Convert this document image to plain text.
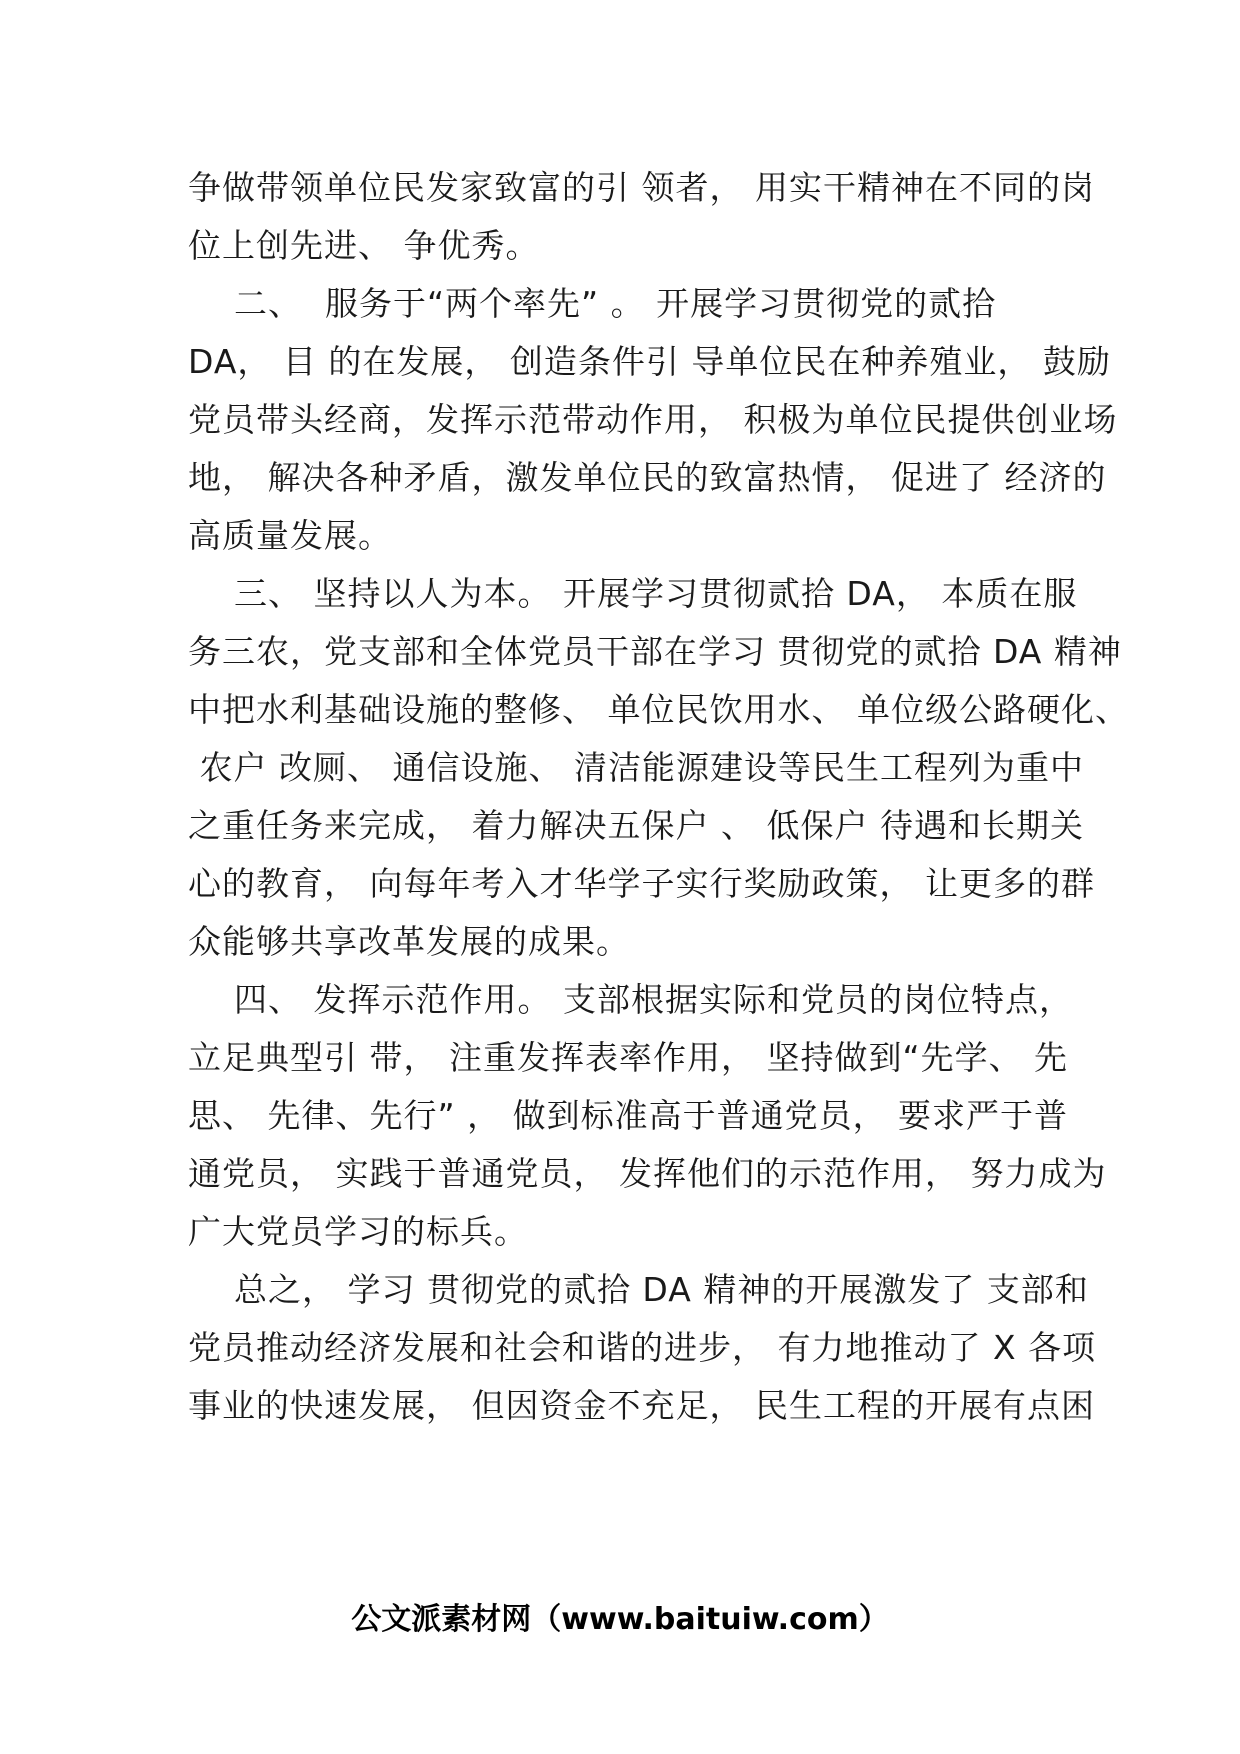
争做带领单位民发家致富的引 领者， 用实干精神在不同的岗
位上创先进、 争优秀。
二、  服务于“两个率先” 。 开展学习贯彻党的贰拾
DA， 目 的在发展， 创造条件引 导单位民在种养殖业， 鼓励
党员带头经商，发挥示范带动作用， 积极为单位民提供创业场
地， 解决各种矛盾，激发单位民的致富热情， 促进了 经济的
高质量发展。
三、 坚持以人为本。 开展学习贯彻贰拾 DA， 本质在服
务三农，党支部和全体党员干部在学习 贯彻党的贰拾 DA 精神
中把水利基础设施的整修、 单位民饮用水、 单位级公路硬化、
农户 改厕、 通信设施、 清洁能源建设等民生工程列为重中
之重任务来完成， 着力解决五保户 、 低保户 待遇和长期关
心的教育， 向每年考入才华学子实行奖励政策， 让更多的群
众能够共享改革发展的成果。
四、 发挥示范作用。 支部根据实际和党员的岗位特点，
立足典型引 带， 注重发挥表率作用， 坚持做到“先学、 先
思、 先律、先行” ， 做到标准高于普通党员， 要求严于普
通党员， 实践于普通党员， 发挥他们的示范作用， 努力成为
广大党员学习的标兵。
总之， 学习 贯彻党的贰拾 DA 精神的开展激发了 支部和
党员推动经济发展和社会和谐的进步， 有力地推动了 X 各项
事业的快速发展， 但因资金不充足， 民生工程的开展有点困
公文派素材网（www.baituiw.com）
